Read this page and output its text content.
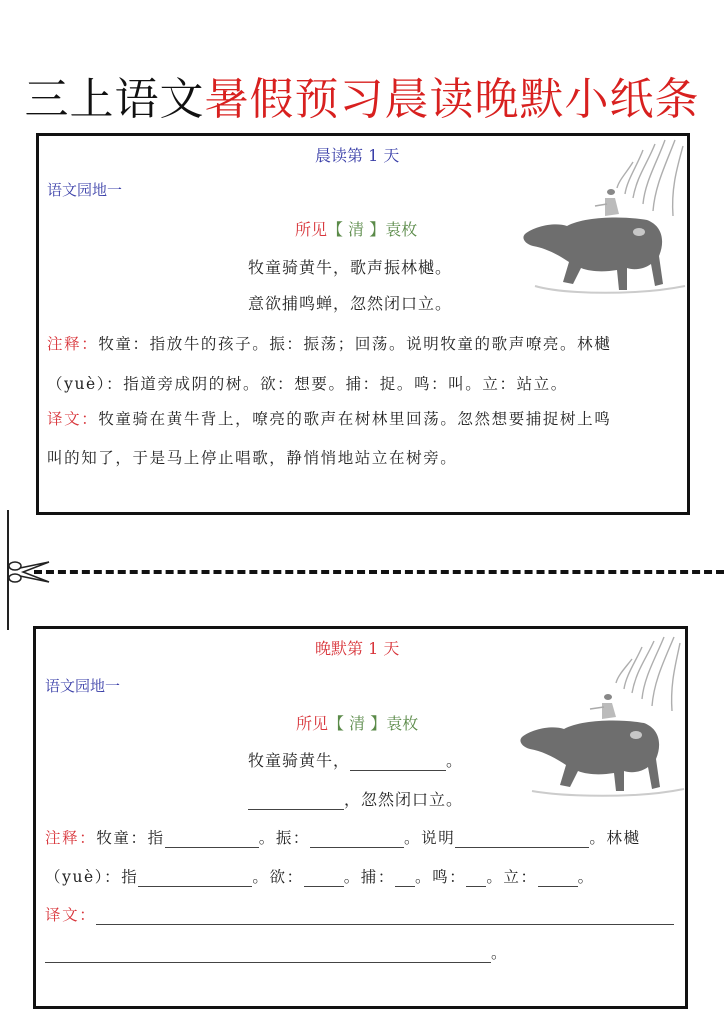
三上语文暑假预习晨读晚默小纸条
晨读第 1 天
语文园地一
所见【 清 】袁枚
牧童骑黄牛，歌声振林樾。
意欲捕鸣蝉，忽然闭口立。
注释：牧童：指放牛的孩子。振：振荡；回荡。说明牧童的歌声嘹亮。林樾
（yuè）：指道旁成阴的树。欲：想要。捕：捉。鸣：叫。立：站立。
译文：牧童骑在黄牛背上，嘹亮的歌声在树林里回荡。忽然想要捕捉树上鸣
叫的知了，于是马上停止唱歌，静悄悄地站立在树旁。
晚默第 1 天
语文园地一
所见【 清 】袁枚
牧童骑黄牛，	。
，忽然闭口立。
注释：牧童：指	。振：	。说明	。林樾
（yuè）：指	。欲：	。捕： 。鸣： 。立：	。
译文：
。
